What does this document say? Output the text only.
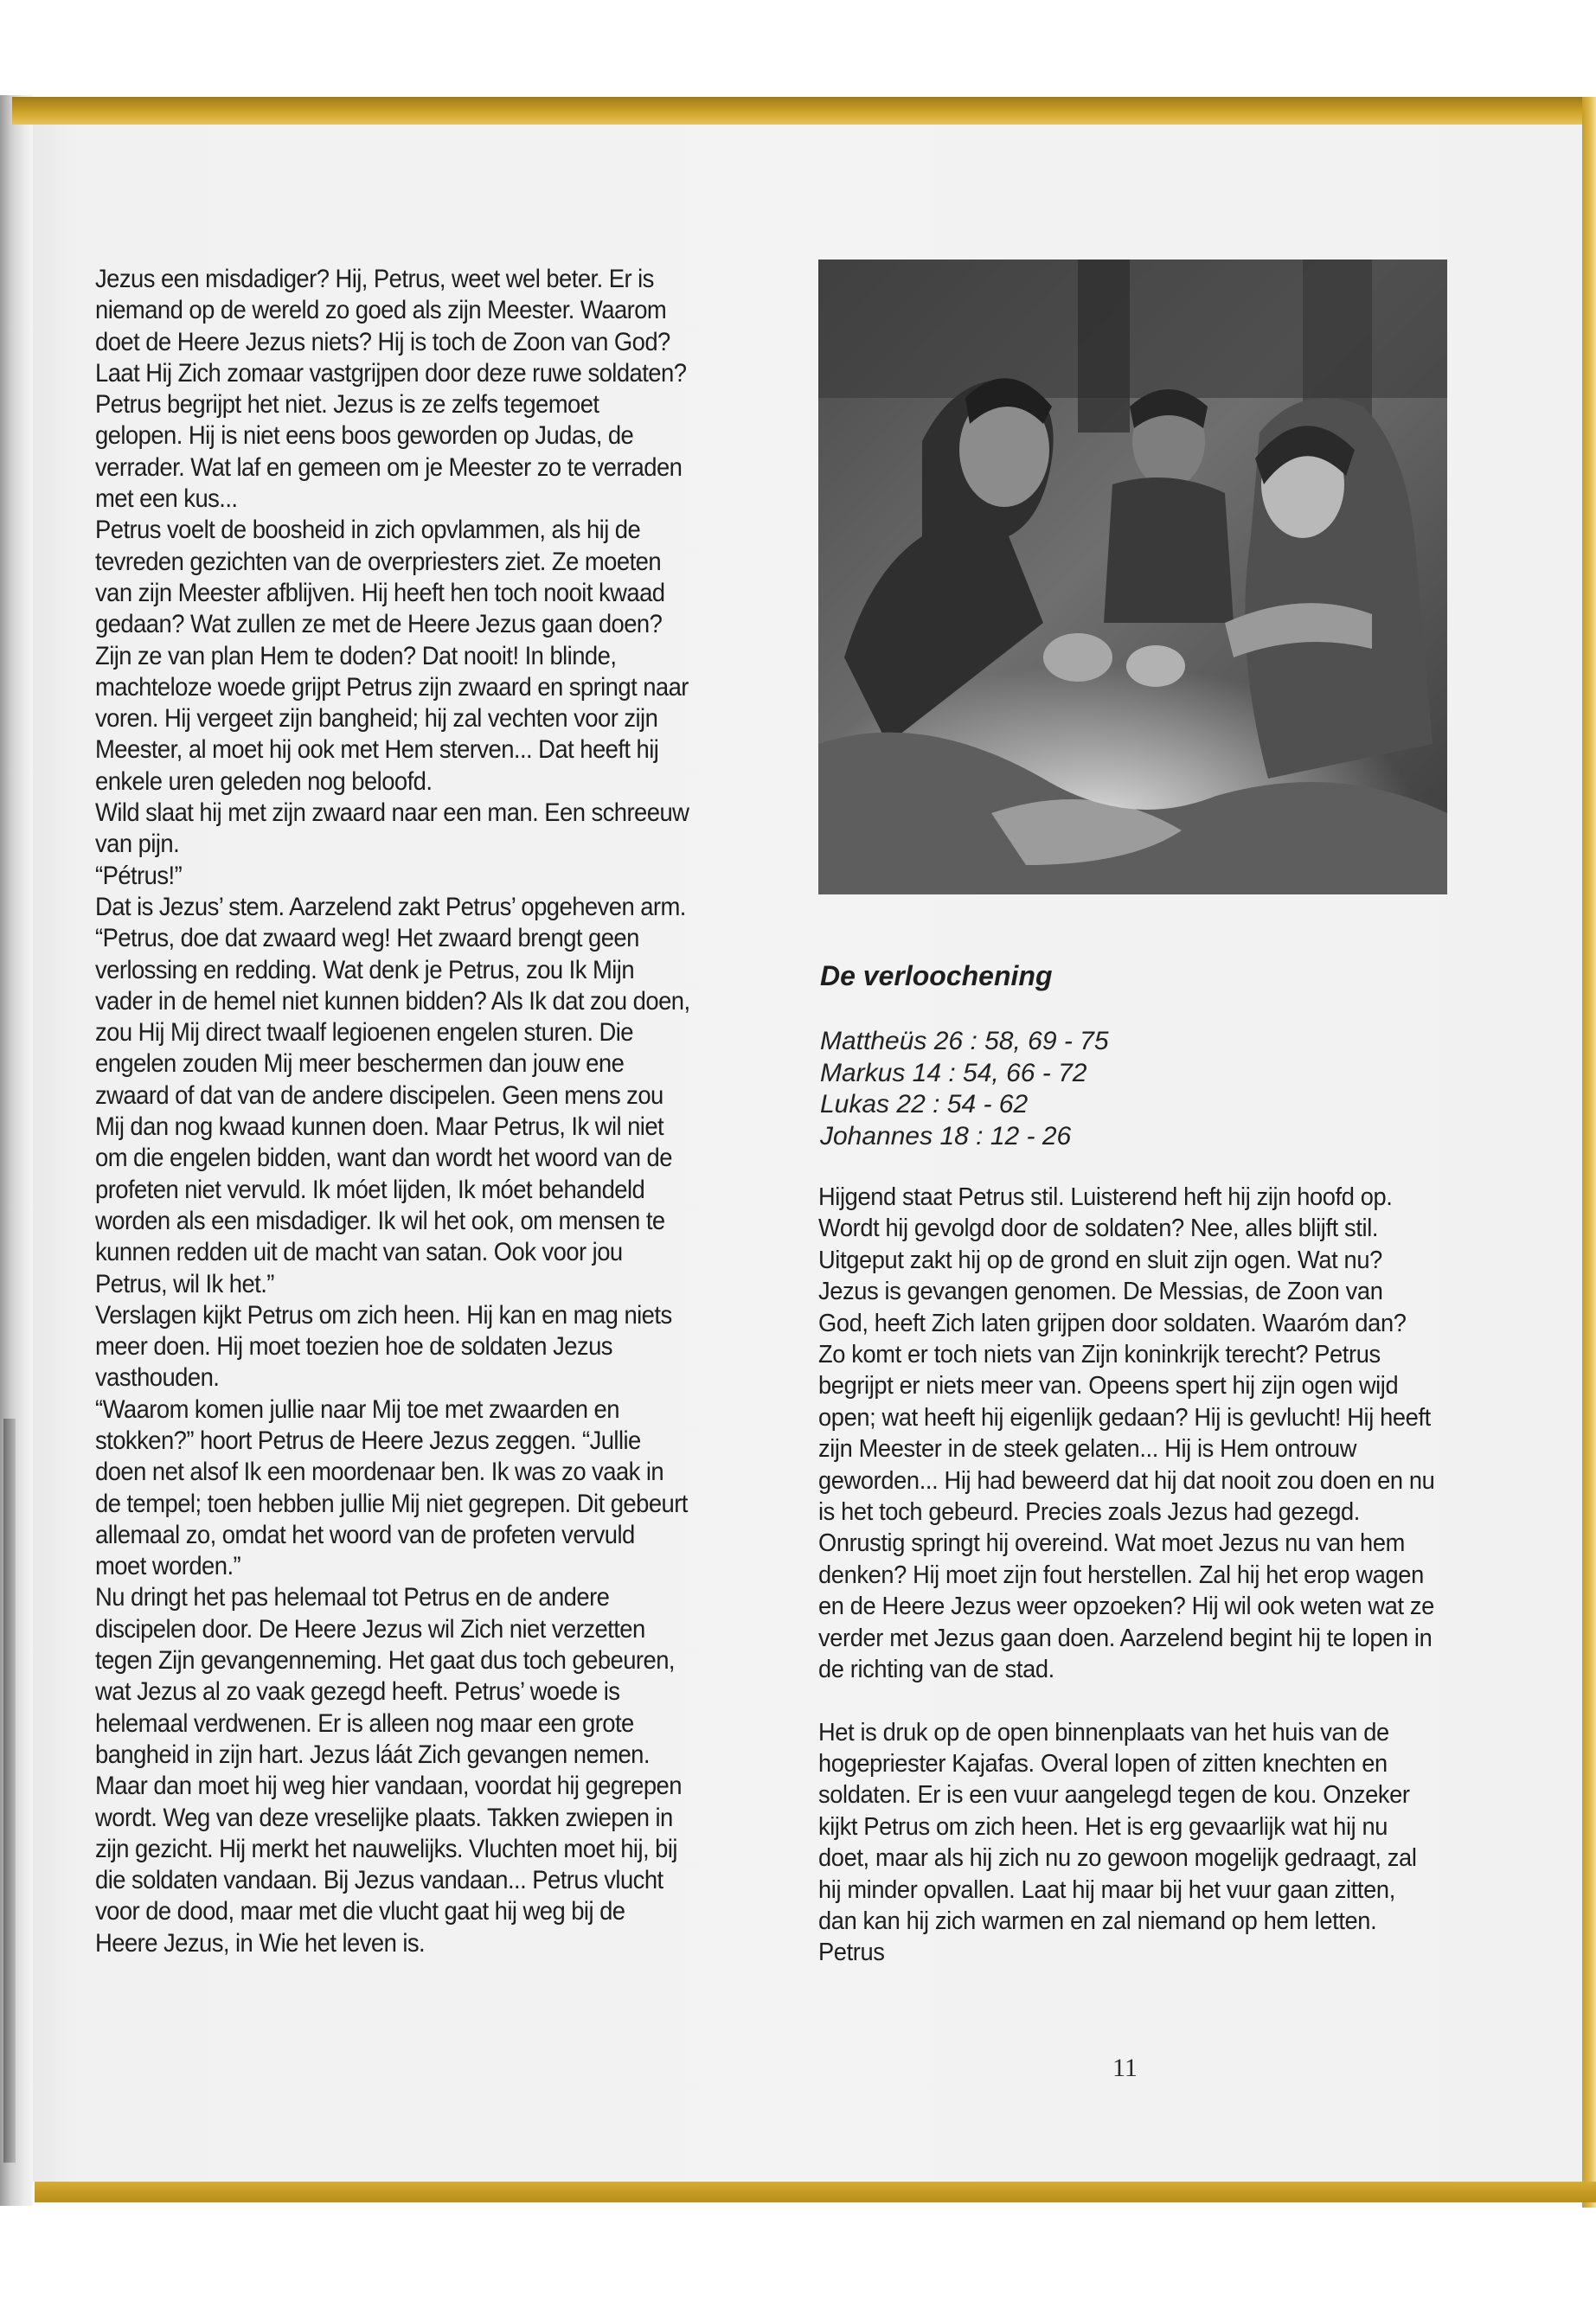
Jezus een misdadiger? Hij, Petrus, weet wel beter. Er is niemand op de wereld zo goed als zijn Meester. Waarom doet de Heere Jezus niets? Hij is toch de Zoon van God? Laat Hij Zich zomaar vastgrijpen door deze ruwe soldaten? Petrus begrijpt het niet. Jezus is ze zelfs tegemoet gelopen. Hij is niet eens boos geworden op Judas, de verrader. Wat laf en gemeen om je Meester zo te verraden met een kus...

Petrus voelt de boosheid in zich opvlammen, als hij de tevreden gezichten van de overpriesters ziet. Ze moeten van zijn Meester afblijven. Hij heeft hen toch nooit kwaad gedaan? Wat zullen ze met de Heere Jezus gaan doen? Zijn ze van plan Hem te doden? Dat nooit! In blinde, machteloze woede grijpt Petrus zijn zwaard en springt naar voren. Hij vergeet zijn bangheid; hij zal vechten voor zijn Meester, al moet hij ook met Hem sterven... Dat heeft hij enkele uren geleden nog beloofd.

Wild slaat hij met zijn zwaard naar een man. Een schreeuw van pijn.

“Pétrus!”

Dat is Jezus’ stem. Aarzelend zakt Petrus’ opgeheven arm. “Petrus, doe dat zwaard weg! Het zwaard brengt geen verlossing en redding. Wat denk je Petrus, zou Ik Mijn vader in de hemel niet kunnen bidden? Als Ik dat zou doen, zou Hij Mij direct twaalf legioenen engelen sturen. Die engelen zouden Mij meer beschermen dan jouw ene zwaard of dat van de andere discipelen. Geen mens zou Mij dan nog kwaad kunnen doen. Maar Petrus, Ik wil niet om die engelen bidden, want dan wordt het woord van de profeten niet vervuld. Ik móet lijden, Ik móet behandeld worden als een misdadiger. Ik wil het ook, om mensen te kunnen redden uit de macht van satan. Ook voor jou Petrus, wil Ik het.”

Verslagen kijkt Petrus om zich heen. Hij kan en mag niets meer doen. Hij moet toezien hoe de soldaten Jezus vasthouden.

“Waarom komen jullie naar Mij toe met zwaarden en stokken?” hoort Petrus de Heere Jezus zeggen. “Jullie doen net alsof Ik een moordenaar ben. Ik was zo vaak in de tempel; toen hebben jullie Mij niet gegrepen. Dit gebeurt allemaal zo, omdat het woord van de profeten vervuld moet worden.”

Nu dringt het pas helemaal tot Petrus en de andere discipelen door. De Heere Jezus wil Zich niet verzetten tegen Zijn gevangenneming. Het gaat dus toch gebeuren, wat Jezus al zo vaak gezegd heeft. Petrus’ woede is helemaal verdwenen. Er is alleen nog maar een grote bangheid in zijn hart. Jezus láát Zich gevangen nemen. Maar dan moet hij weg hier vandaan, voordat hij gegrepen wordt. Weg van deze vreselijke plaats. Takken zwiepen in zijn gezicht. Hij merkt het nauwelijks. Vluchten moet hij, bij die soldaten vandaan. Bij Jezus vandaan... Petrus vlucht voor de dood, maar met die vlucht gaat hij weg bij de Heere Jezus, in Wie het leven is.

De verloochening
Mattheüs 26 : 58, 69 - 75
Markus 14 : 54, 66 - 72
Lukas 22 : 54 - 62
Johannes 18 : 12 - 26

Hijgend staat Petrus stil. Luisterend heft hij zijn hoofd op. Wordt hij gevolgd door de soldaten? Nee, alles blijft stil. Uitgeput zakt hij op de grond en sluit zijn ogen. Wat nu? Jezus is gevangen genomen. De Messias, de Zoon van God, heeft Zich laten grijpen door soldaten. Waaróm dan? Zo komt er toch niets van Zijn koninkrijk terecht? Petrus begrijpt er niets meer van. Opeens spert hij zijn ogen wijd open; wat heeft hij eigenlijk gedaan? Hij is gevlucht! Hij heeft zijn Meester in de steek gelaten... Hij is Hem ontrouw geworden... Hij had beweerd dat hij dat nooit zou doen en nu is het toch gebeurd. Precies zoals Jezus had gezegd. Onrustig springt hij overeind. Wat moet Jezus nu van hem denken? Hij moet zijn fout herstellen. Zal hij het erop wagen en de Heere Jezus weer opzoeken? Hij wil ook weten wat ze verder met Jezus gaan doen. Aarzelend begint hij te lopen in de richting van de stad.

Het is druk op de open binnenplaats van het huis van de hogepriester Kajafas. Overal lopen of zitten knechten en soldaten. Er is een vuur aangelegd tegen de kou. Onzeker kijkt Petrus om zich heen. Het is erg gevaarlijk wat hij nu doet, maar als hij zich nu zo gewoon mogelijk gedraagt, zal hij minder opvallen. Laat hij maar bij het vuur gaan zitten, dan kan hij zich warmen en zal niemand op hem letten. Petrus

11
